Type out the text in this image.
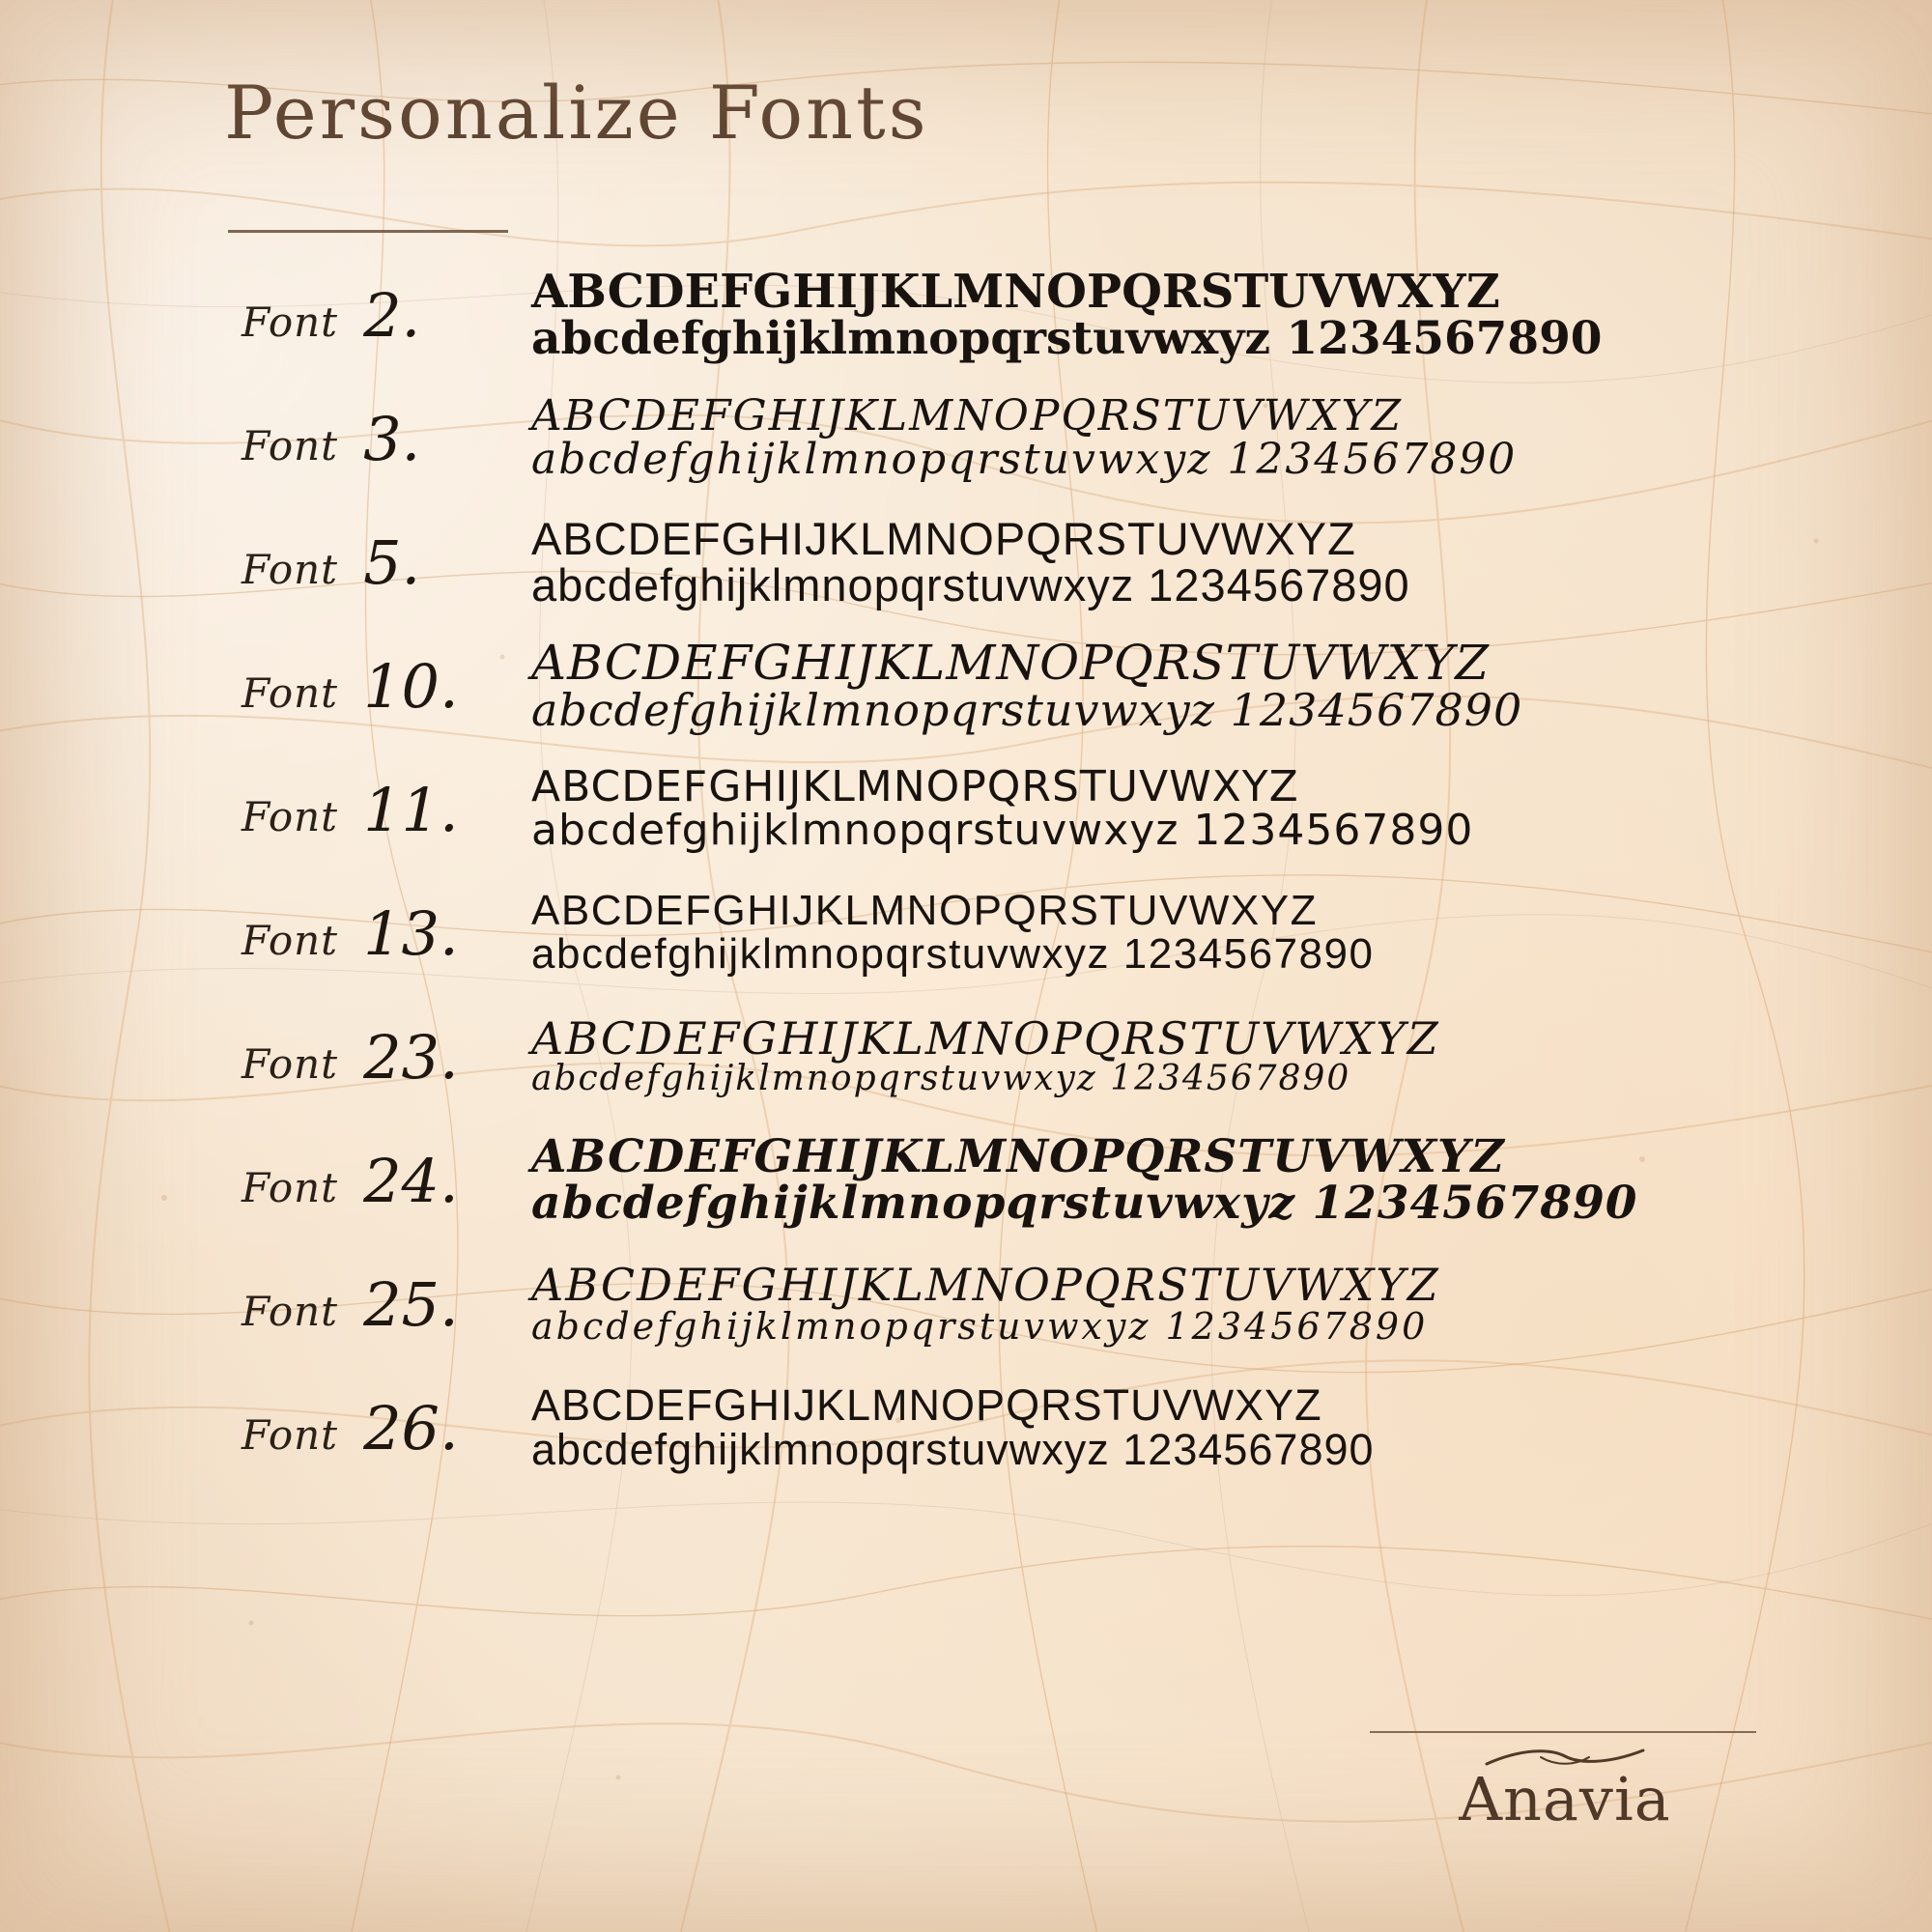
Personalize Fonts
Font 2. ABCDEFGHIJKLMNOPQRSTUVWXYZ
abcdefghijklmnopqrstuvwxyz 1234567890
Font 3.	ABCDEFGHIJKLMNOPQRSTUVWXYZ
abcdefghijklmnopqrstuvwxyz 1234567890
Font 5. ABCDEFGHIJKLMNOPQRSTUVWXYZ
abcdefghijklmnopqrstuvwxyz 1234567890
Font 10. ABCDEFGHIJKLMNOPQRSTUVWXYZ
abcdefghijklmnopqrstuvwxyz 1234567890
Font 11. ABCDEFGHIJKLMNOPQRSTUVWXYZ
abcdefghijklmnopqrstuvwxyz 1234567890
Font 13. ABCDEFGHIJKLMNOPQRSTUVWXYZ
abcdefghijklmnopqrstuvwxyz 1234567890
Font 23. ABCDEFGHIJKLMNOPQRSTUVWXYZ
abcdefghijklmnopqrstuvwxyz 1234567890
Font 24. ABCDEFGHIJKLMNOPQRSTUVWXYZ
abcdefghijklmnopqrstuvwxyz 1234567890
Font 25. ABCDEFGHIJKLMNOPQRSTUVWXYZ
abcdefghijklmnopqrstuvwxyz 1234567890
Font 26. ABCDEFGHIJKLMNOPQRSTUVWXYZ
abcdefghijklmnopqrstuvwxyz 1234567890
Anavia
